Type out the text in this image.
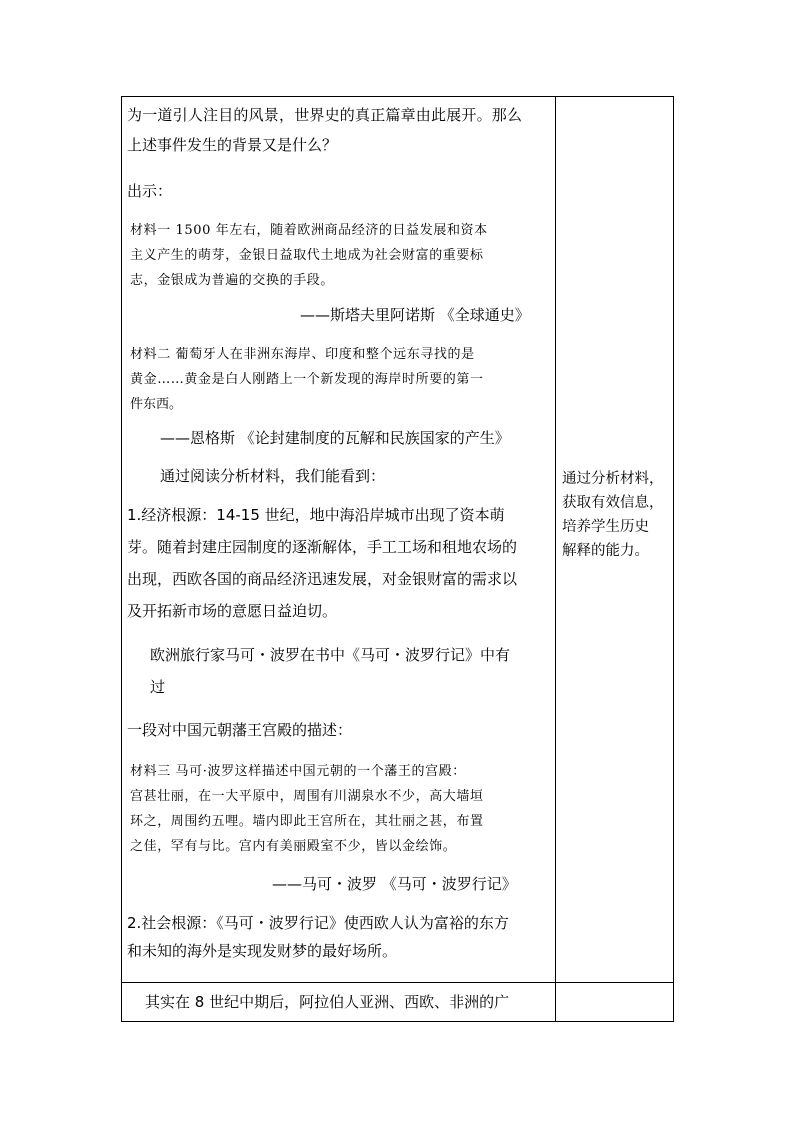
为一道引人注目的风景，世界史的真正篇章由此展开。那么
上述事件发生的背景又是什么？
出示：
材料一 1500 年左右，随着欧洲商品经济的日益发展和资本
主义产生的萌芽，金银日益取代土地成为社会财富的重要标
志，金银成为普遍的交换的手段。
——斯塔夫里阿诺斯 《全球通史》
材料二 葡萄牙人在非洲东海岸、印度和整个远东寻找的是
黄金……黄金是白人刚踏上一个新发现的海岸时所要的第一
件东西。
——恩格斯 《论封建制度的瓦解和民族国家的产生》
通过阅读分析材料，我们能看到：
1.经济根源：14-15 世纪，地中海沿岸城市出现了资本萌
芽。随着封建庄园制度的逐渐解体，手工工场和租地农场的
出现，西欧各国的商品经济迅速发展，对金银财富的需求以
及开拓新市场的意愿日益迫切。
欧洲旅行家马可・波罗在书中《马可・波罗行记》中有
过
一段对中国元朝藩王宫殿的描述：
材料三 马可·波罗这样描述中国元朝的一个藩王的宫殿：
宫甚壮丽，在一大平原中，周围有川湖泉水不少，高大墙垣
环之，周围约五哩。墙内即此王宫所在，其壮丽之甚，布置
之佳，罕有与比。宫内有美丽殿室不少，皆以金绘饰。
——马可・波罗 《马可・波罗行记》
2.社会根源：《马可・波罗行记》使西欧人认为富裕的东方
和未知的海外是实现发财梦的最好场所。
其实在 8 世纪中期后，阿拉伯人亚洲、西欧、非洲的广
通过分析材料，
获取有效信息，
培养学生历史
解释的能力。
